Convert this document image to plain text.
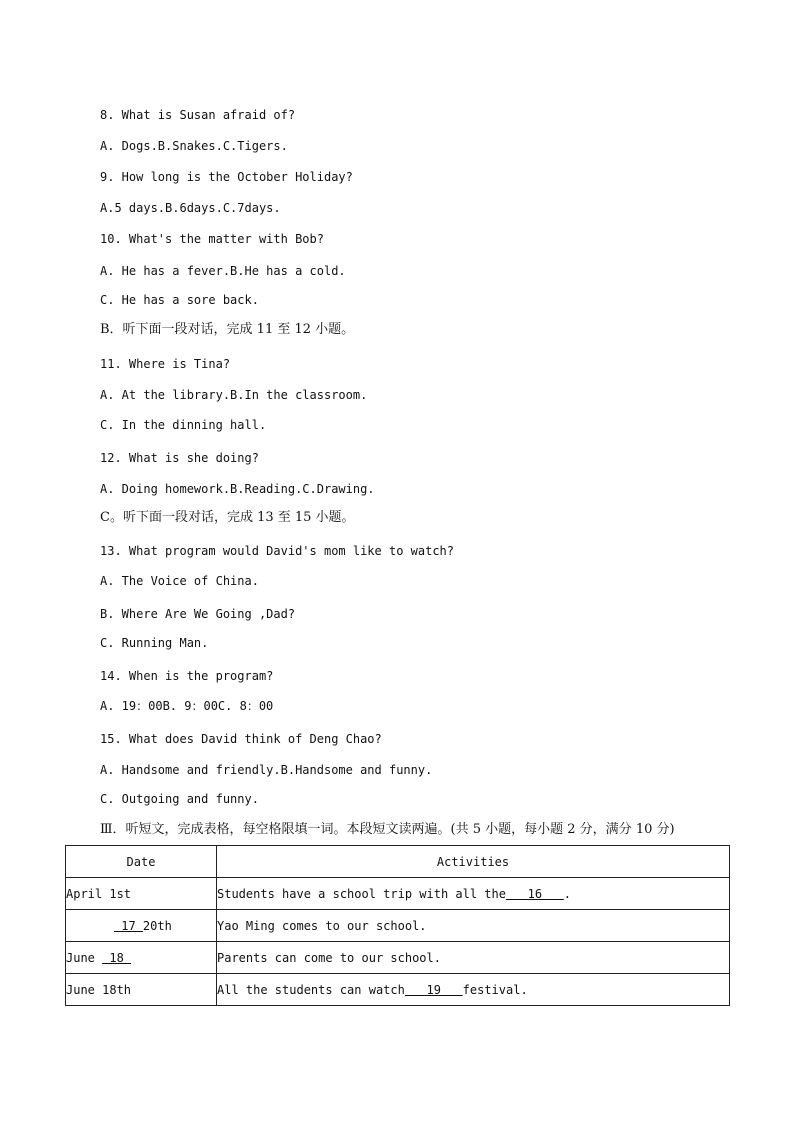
8. What is Susan afraid of?
A. Dogs.B.Snakes.C.Tigers.
9. How long is the October Holiday?
A.5 days.B.6days.C.7days.
10. What's the matter with Bob?
A. He has a fever.B.He has a cold.
C. He has a sore back.
B．听下面一段对话，完成 11 至 12 小题。
11. Where is Tina?
A. At the library.B.In the classroom.
C. In the dinning hall.
12. What is she doing?
A. Doing homework.B.Reading.C.Drawing.
C。听下面一段对话，完成 13 至 15 小题。
13. What program would David's mom like to watch?
A. The Voice of China.
B. Where Are We Going ,Dad?
C. Running Man.
14. When is the program?
A. 19：00B. 9：00C. 8：00
15. What does David think of Deng Chao?
A. Handsome and friendly.B.Handsome and funny.
C. Outgoing and funny.
Ⅲ．听短文，完成表格，每空格限填一词。本段短文读两遍。(共 5 小题，每小题 2 分，满分 10 分)
Date	Activities
April 1st	Students have a school trip with all the   16   .
17 20th	Yao Ming comes to our school.
June  18	Parents can come to our school.
June 18th	All the students can watch   19   festival.
